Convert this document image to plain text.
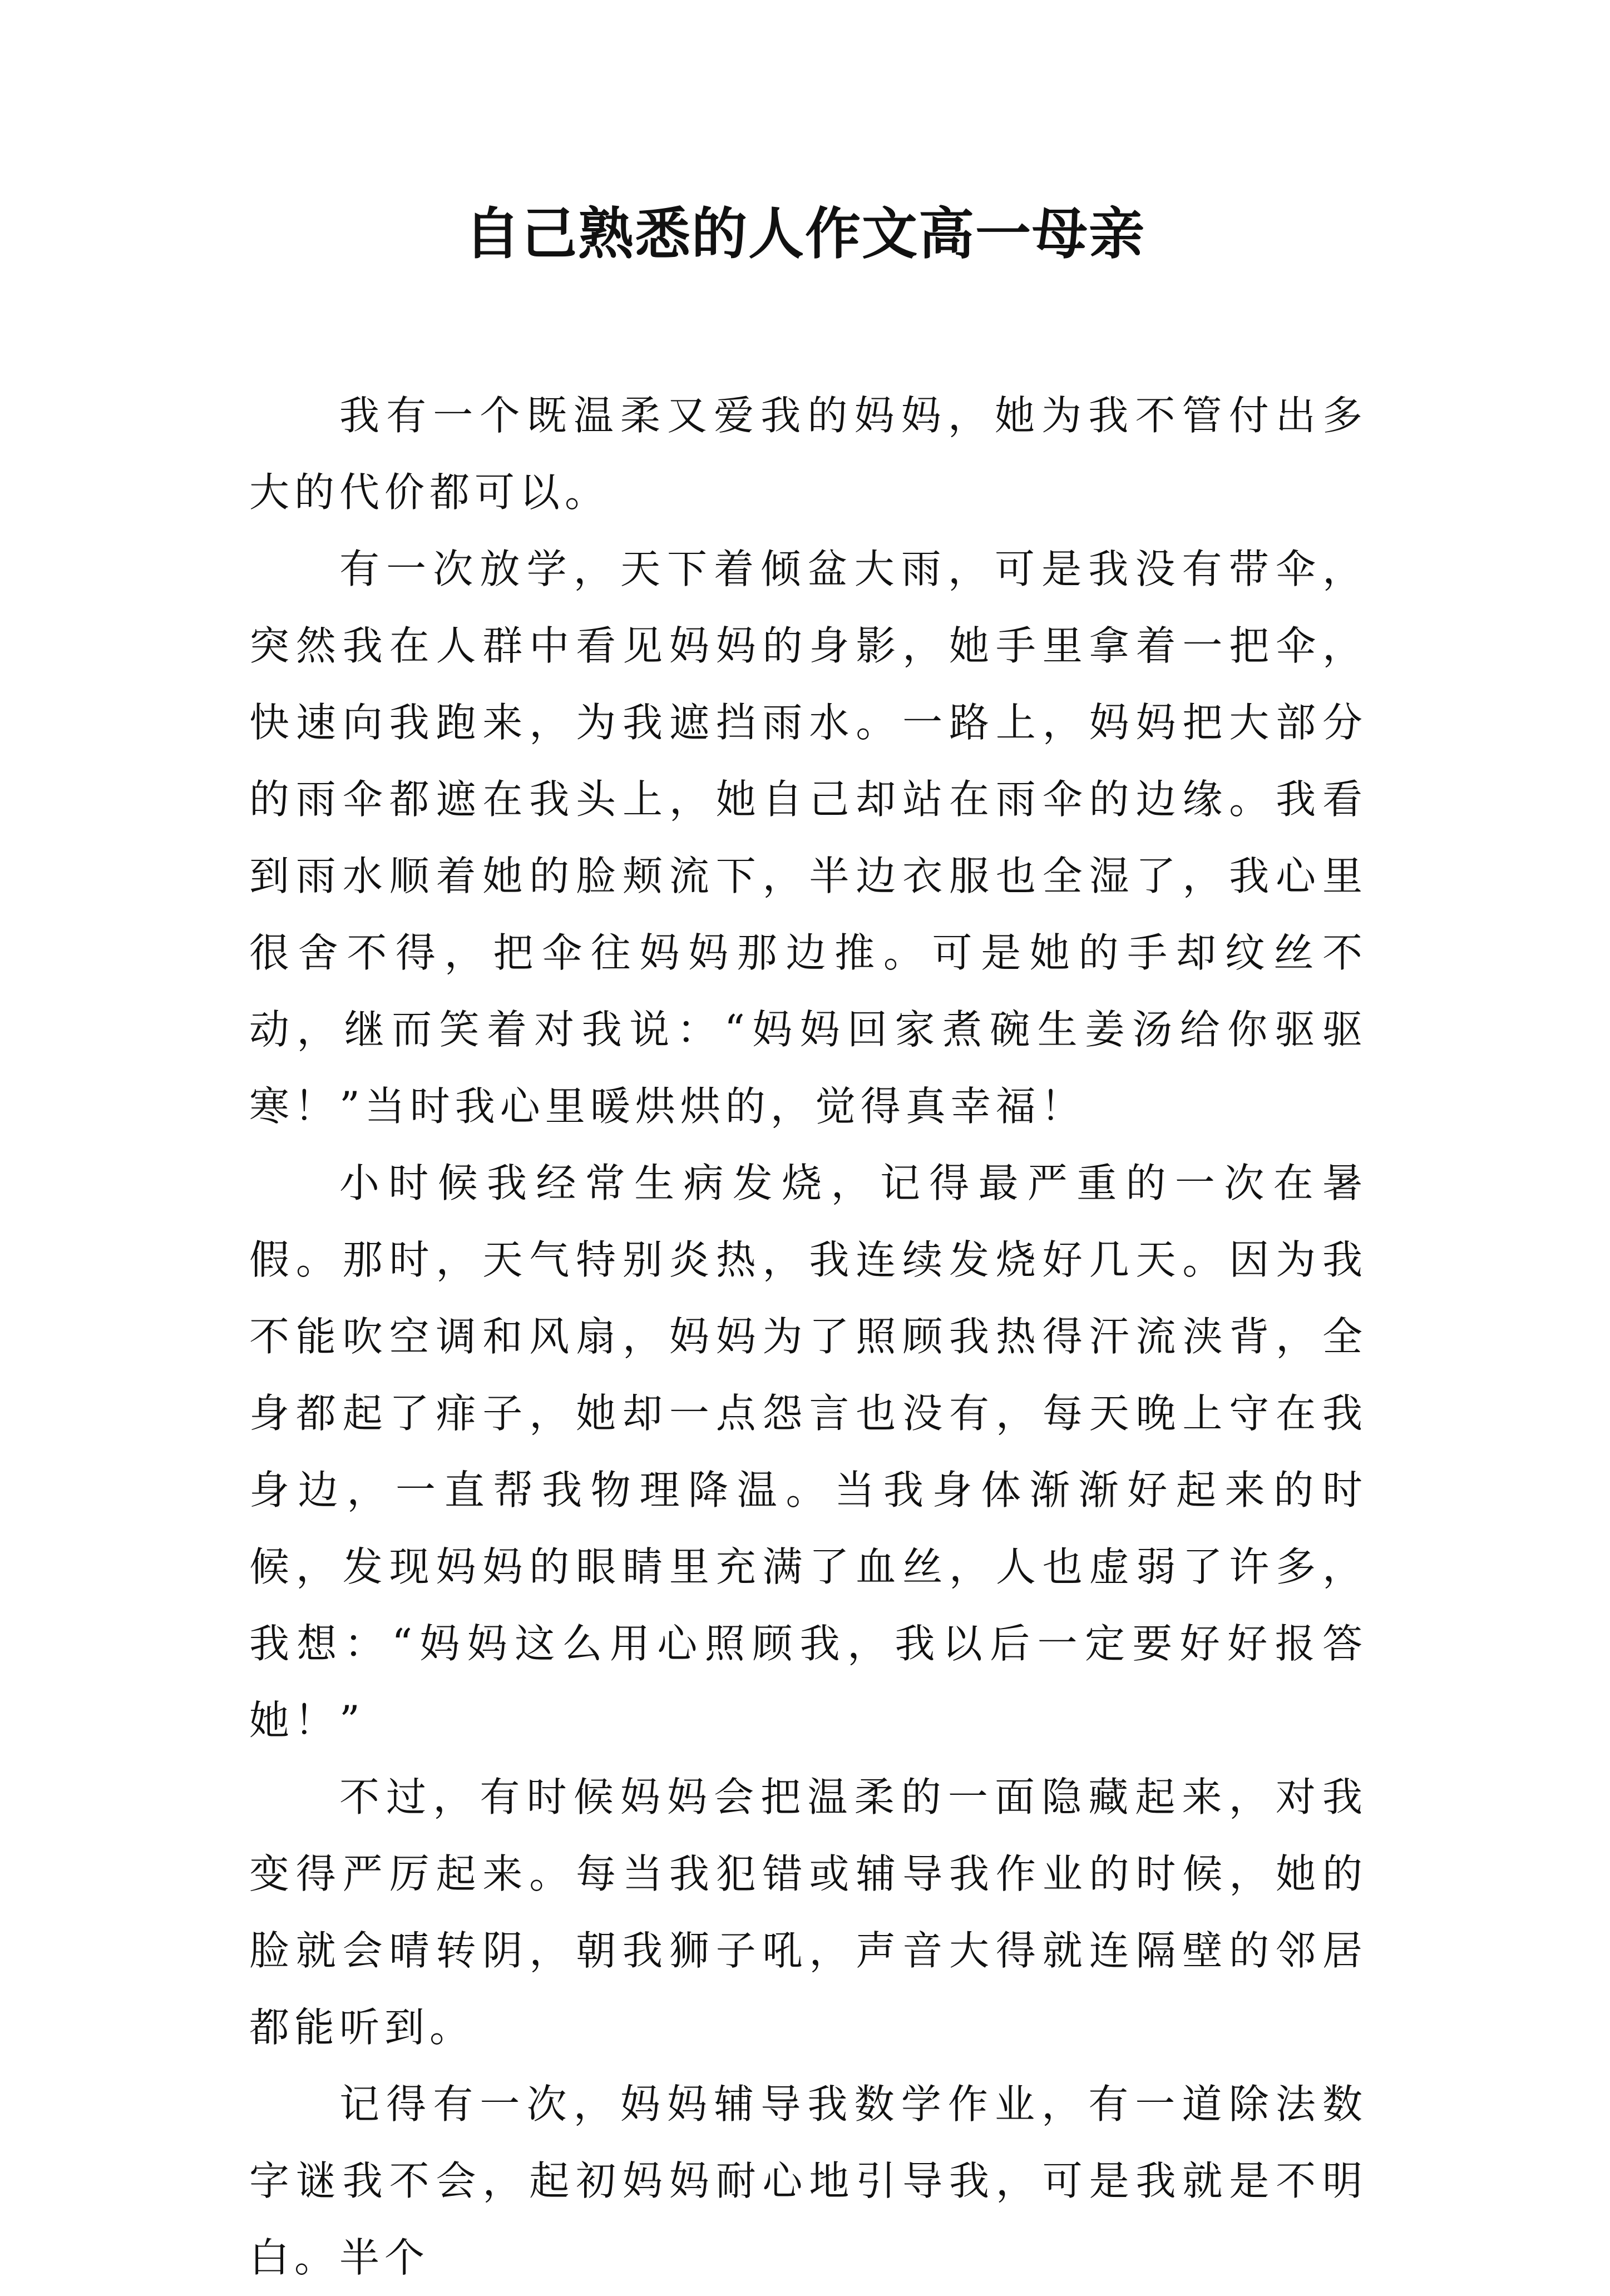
自己熟悉的人作文高一母亲

我有一个既温柔又爱我的妈妈，她为我不管付出多大的代价都可以。

有一次放学，天下着倾盆大雨，可是我没有带伞，突然我在人群中看见妈妈的身影，她手里拿着一把伞，快速向我跑来，为我遮挡雨水。一路上，妈妈把大部分的雨伞都遮在我头上，她自己却站在雨伞的边缘。我看到雨水顺着她的脸颊流下，半边衣服也全湿了，我心里很舍不得，把伞往妈妈那边推。可是她的手却纹丝不动，继而笑着对我说：“妈妈回家煮碗生姜汤给你驱驱寒！”当时我心里暖烘烘的，觉得真幸福！

小时候我经常生病发烧，记得最严重的一次在暑假。那时，天气特别炎热，我连续发烧好几天。因为我不能吹空调和风扇，妈妈为了照顾我热得汗流浃背，全身都起了痱子，她却一点怨言也没有，每天晚上守在我身边，一直帮我物理降温。当我身体渐渐好起来的时候，发现妈妈的眼睛里充满了血丝，人也虚弱了许多，我想：“妈妈这么用心照顾我，我以后一定要好好报答她！”

不过，有时候妈妈会把温柔的一面隐藏起来，对我变得严厉起来。每当我犯错或辅导我作业的时候，她的脸就会晴转阴，朝我狮子吼，声音大得就连隔壁的邻居都能听到。

记得有一次，妈妈辅导我数学作业，有一道除法数字谜我不会，起初妈妈耐心地引导我，可是我就是不明白。半个
